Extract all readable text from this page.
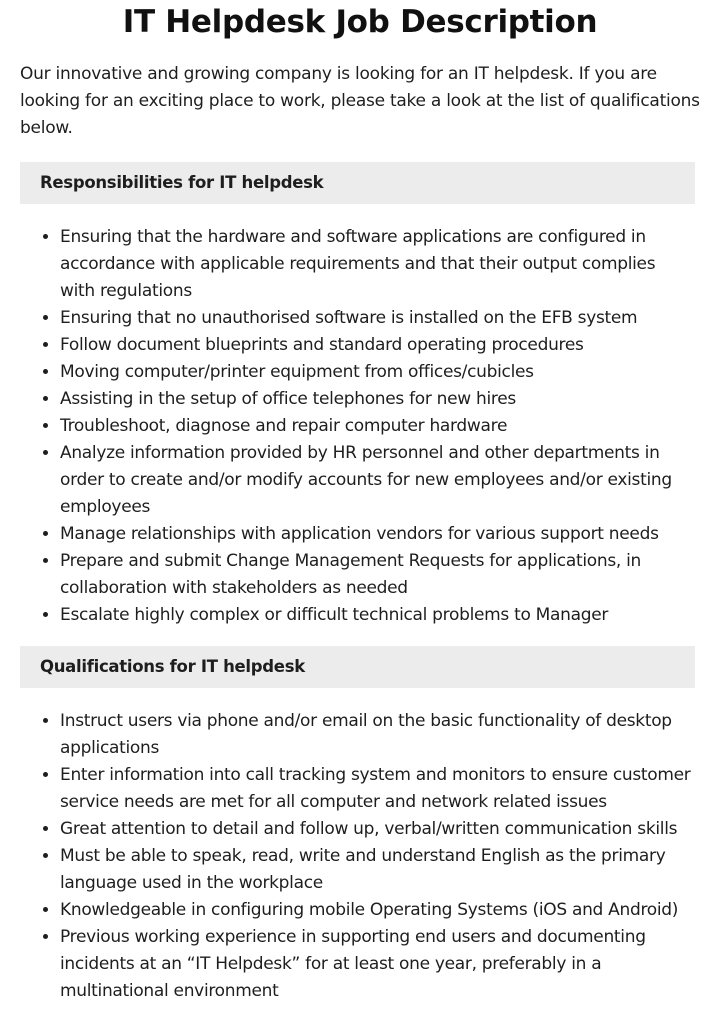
IT Helpdesk Job Description

Our innovative and growing company is looking for an IT helpdesk. If you are looking for an exciting place to work, please take a look at the list of qualifications below.

Responsibilities for IT helpdesk
• Ensuring that the hardware and software applications are configured in accordance with applicable requirements and that their output complies with regulations
• Ensuring that no unauthorised software is installed on the EFB system
• Follow document blueprints and standard operating procedures
• Moving computer/printer equipment from offices/cubicles
• Assisting in the setup of office telephones for new hires
• Troubleshoot, diagnose and repair computer hardware
• Analyze information provided by HR personnel and other departments in order to create and/or modify accounts for new employees and/or existing employees
• Manage relationships with application vendors for various support needs
• Prepare and submit Change Management Requests for applications, in collaboration with stakeholders as needed
• Escalate highly complex or difficult technical problems to Manager
Qualifications for IT helpdesk
• Instruct users via phone and/or email on the basic functionality of desktop applications
• Enter information into call tracking system and monitors to ensure customer service needs are met for all computer and network related issues
• Great attention to detail and follow up, verbal/written communication skills
• Must be able to speak, read, write and understand English as the primary language used in the workplace
• Knowledgeable in configuring mobile Operating Systems (iOS and Android)
• Previous working experience in supporting end users and documenting incidents at an “IT Helpdesk” for at least one year, preferably in a multinational environment
